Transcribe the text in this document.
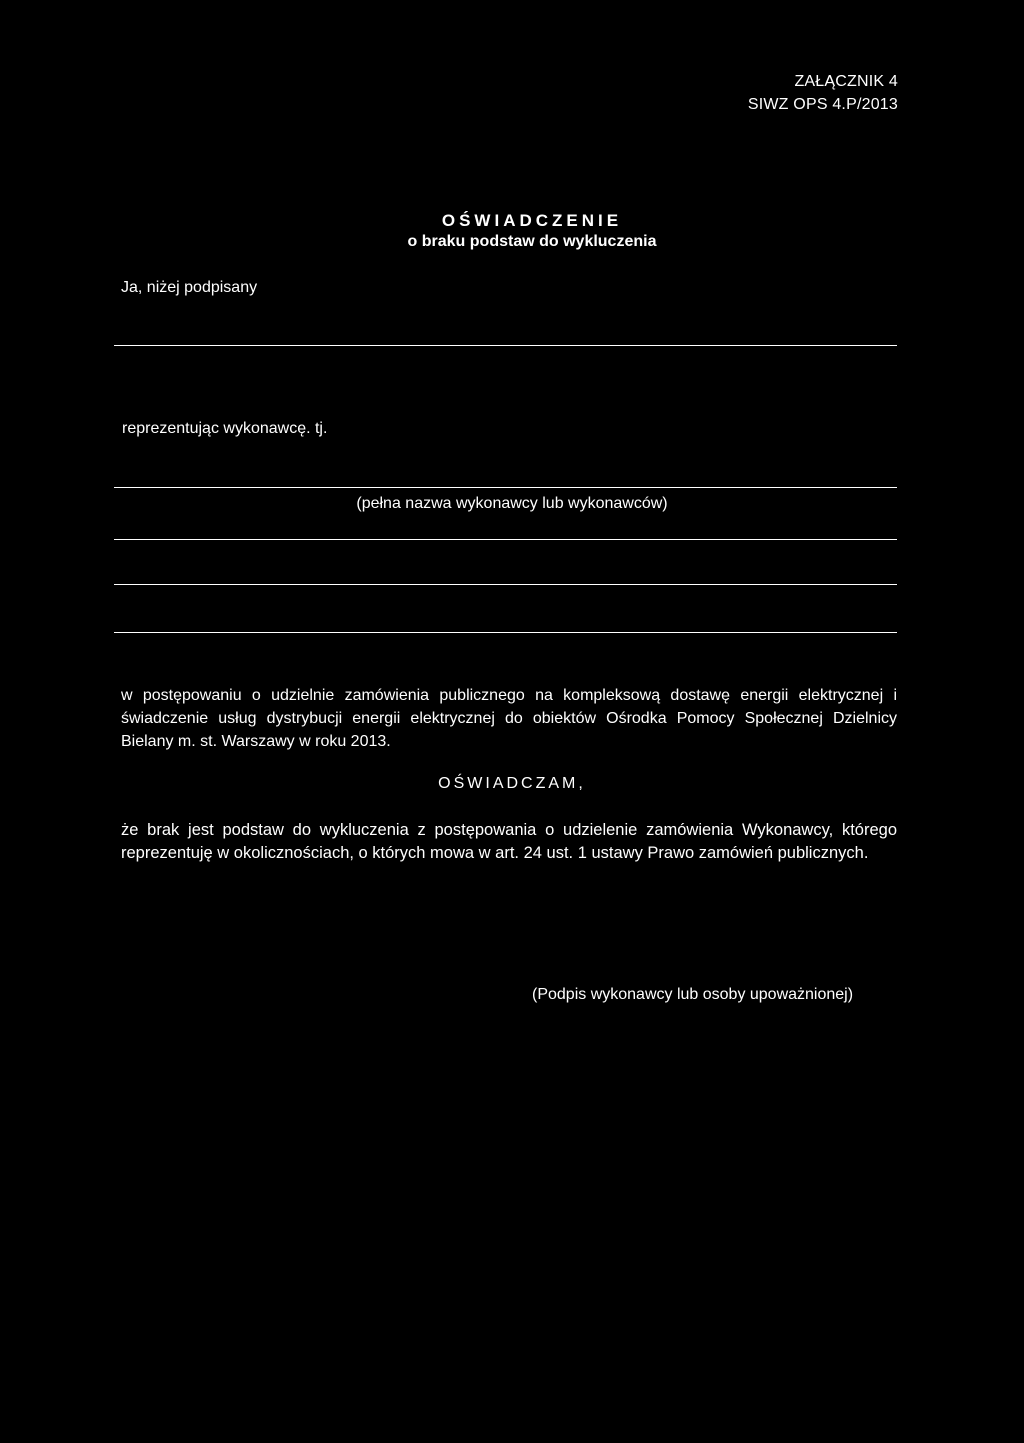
ZAŁĄCZNIK 4
SIWZ OPS 4.P/2013
OŚWIADCZENIE
o braku podstaw do wykluczenia
Ja, niżej podpisany
reprezentując wykonawcę. tj.
(pełna nazwa wykonawcy lub wykonawców)
w postępowaniu o udzielnie zamówienia publicznego na kompleksową dostawę energii elektrycznej i świadczenie usług dystrybucji energii elektrycznej do obiektów Ośrodka Pomocy Społecznej Dzielnicy Bielany m. st. Warszawy w roku 2013.
OŚWIADCZAM,
że brak jest podstaw do wykluczenia z postępowania o udzielenie zamówienia Wykonawcy, którego reprezentuję w okolicznościach, o których mowa w art. 24 ust. 1 ustawy Prawo zamówień publicznych.
(Podpis wykonawcy lub osoby upoważnionej)
